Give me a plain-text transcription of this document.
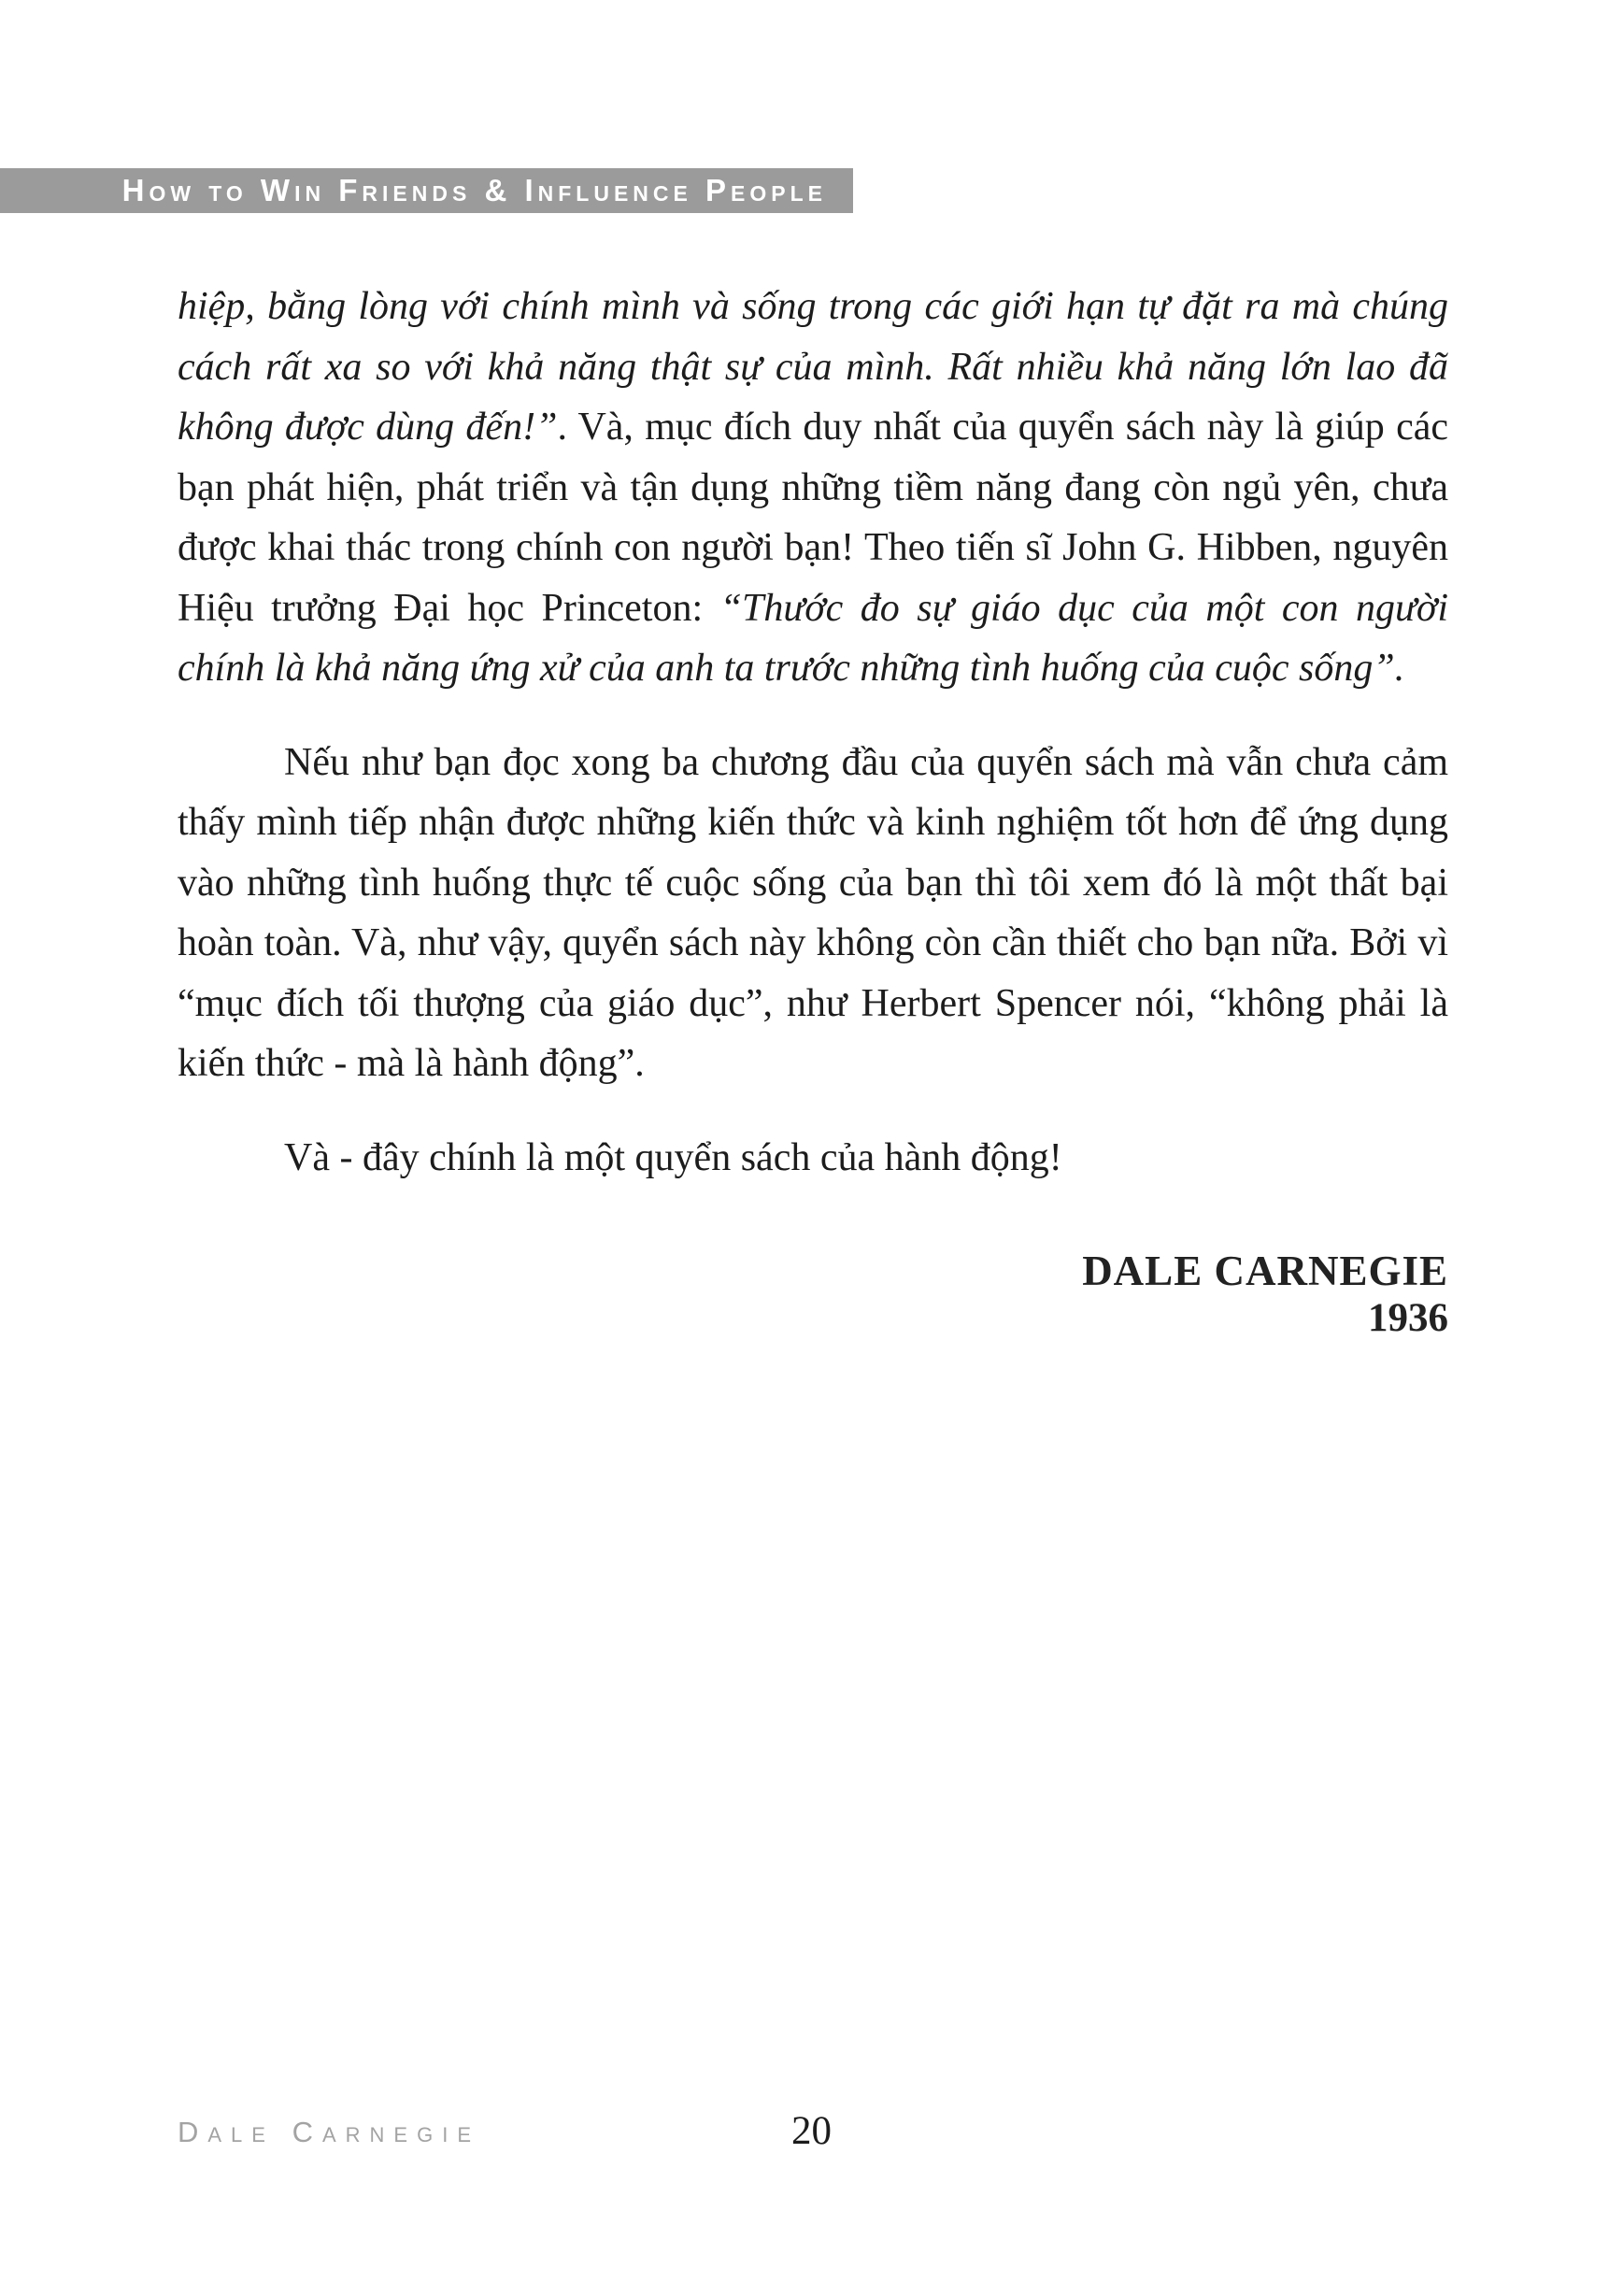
How to Win Friends & Influence People

hiệp, bằng lòng với chính mình và sống trong các giới hạn tự đặt ra mà chúng cách rất xa so với khả năng thật sự của mình. Rất nhiều khả năng lớn lao đã không được dùng đến!”. Và, mục đích duy nhất của quyển sách này là giúp các bạn phát hiện, phát triển và tận dụng những tiềm năng đang còn ngủ yên, chưa được khai thác trong chính con người bạn! Theo tiến sĩ John G. Hibben, nguyên Hiệu trưởng Đại học Princeton: “Thước đo sự giáo dục của một con người chính là khả năng ứng xử của anh ta trước những tình huống của cuộc sống”.

Nếu như bạn đọc xong ba chương đầu của quyển sách mà vẫn chưa cảm thấy mình tiếp nhận được những kiến thức và kinh nghiệm tốt hơn để ứng dụng vào những tình huống thực tế cuộc sống của bạn thì tôi xem đó là một thất bại hoàn toàn. Và, như vậy, quyển sách này không còn cần thiết cho bạn nữa. Bởi vì “mục đích tối thượng của giáo dục”, như Herbert Spencer nói, “không phải là kiến thức - mà là hành động”.

Và - đây chính là một quyển sách của hành động!

DALE CARNEGIE
1936
Dale Carnegie	20
